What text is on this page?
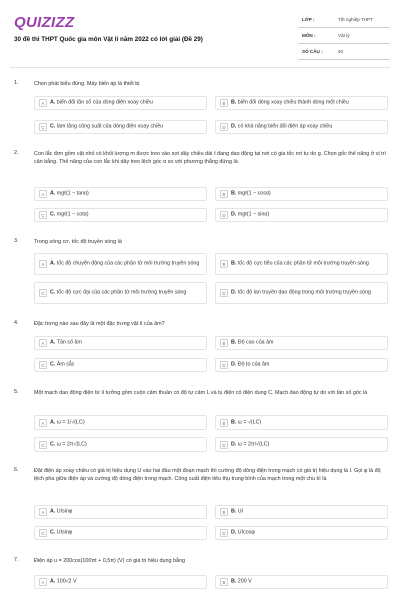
QUIZIZZ
30 đề thi THPT Quốc gia môn Vật lí năm 2022 có lời giải (Đề 29)
LỚP :	Tốt nghiệp THPT
MÔN :	Vật lý
SỐ CÂU :	40
1.	Chọn phát biểu đúng. Máy biến áp là thiết bị
A	A. biến đổi tần số của dòng điện xoay chiều	B	B. biến đổi dòng xoay chiều thành dòng một chiều
C	C. làm tăng công suất của dòng điện xoay chiều	D	D. có khả năng biến đổi điện áp xoay chiều
2.	Con lắc đơn gồm vật nhỏ có khối lượng m được treo vào sợi dây chiều dài ℓ đang dao động tại nơi có gia tốc rơi tự do g. Chọn gốc thế năng ở vị trí cân bằng. Thế năng của con lắc khi dây treo lệch góc α so với phương thẳng đứng là
A	A. mgℓ(1 − tanα)	B	B. mgℓ(1 − cosα)
C	C. mgℓ(1 − cotα)	D	D. mgℓ(1 − sinα)
3.	Trong sóng cơ, tốc độ truyền sóng là
A	A. tốc độ chuyển động của các phần tử môi trường truyền sóng	B	B. tốc độ cực tiểu của các phần tử môi trường truyền sóng
C	C. tốc độ cực đại của các phần tử môi trường truyền sóng	D	D. tốc độ lan truyền dao động trong môi trường truyền sóng
4.	Đặc trưng nào sau đây là một đặc trưng vật lí của âm?
A	A. Tần số âm	B	B. Độ cao của âm
C	C. Âm sắc	D	D. Độ to của âm
5.	Một mạch dao động điện từ lí tưởng gồm cuộn cảm thuần có độ tự cảm L và tụ điện có điện dung C. Mạch dao động tự do với tần số góc là
A	A. ω = 1/√(LC)	B	B. ω = √(LC)
C	C. ω = 2π√(LC)	D	D. ω = 2π/√(LC)
6.	Đặt điện áp xoay chiều có giá trị hiệu dụng U vào hai đầu một đoạn mạch thì cường độ dòng điện trong mạch có giá trị hiệu dụng là I. Gọi φ là độ lệch pha giữa điện áp và cường độ dòng điện trong mạch. Công suất điện tiêu thụ trung bình của mạch trong một chu kì là
A	A. UIsinφ	B	B. UI
C	C. UIsinφ	D	D. UIcosφ
7.	Điện áp u = 200cos(100πt + 0,5π) (V) có giá trị hiệu dụng bằng
A	A. 100√2 V	B	B. 200 V
